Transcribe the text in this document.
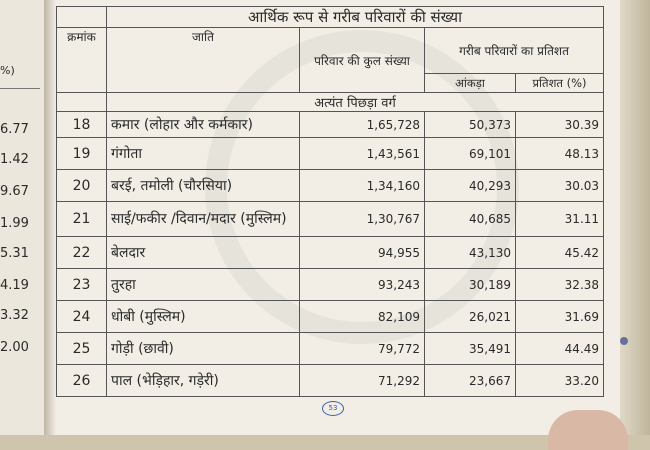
%)
6.77
1.42
9.67
1.99
5.31
4.19
3.32
2.00
	आर्थिक रूप से गरीब परिवारों की संख्या			
क्रमांक	जाति	परिवार की कुल संख्या	गरीब परिवारों का प्रतिशत	
			आंकड़ा	प्रतिशत (%)
	अत्यंत पिछड़ा वर्ग			
18	कमार (लोहार और कर्मकार)	1,65,728	50,373	30.39
19	गंगोता	1,43,561	69,101	48.13
20	बरई, तमोली (चौरसिया)	1,34,160	40,293	30.03
21	साई/फकीर /दिवान/मदार (मुस्लिम)	1,30,767	40,685	31.11
22	बेलदार	94,955	43,130	45.42
23	तुरहा	93,243	30,189	32.38
24	धोबी (मुस्लिम)	82,109	26,021	31.69
25	गोड़ी (छावी)	79,772	35,491	44.49
26	पाल (भेड़िहार, गड़ेरी)	71,292	23,667	33.20
53
